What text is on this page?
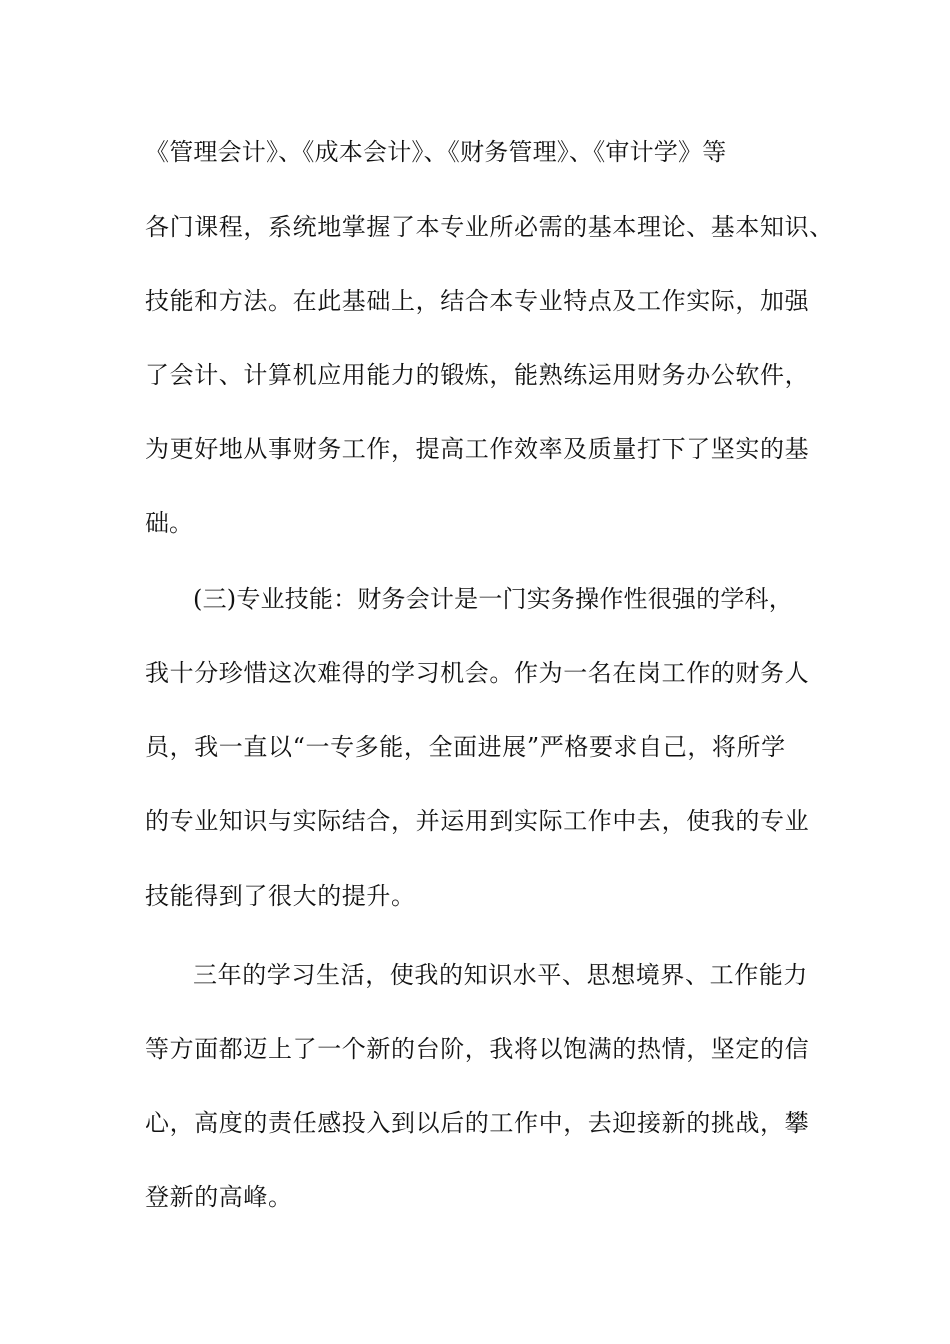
《管理会计》、《成本会计》、《财务管理》、《审计学》等
各门课程，系统地掌握了本专业所必需的基本理论、基本知识、
技能和方法。在此基础上，结合本专业特点及工作实际，加强
了会计、计算机应用能力的锻炼，能熟练运用财务办公软件，
为更好地从事财务工作，提高工作效率及质量打下了坚实的基
础。
(三)专业技能：财务会计是一门实务操作性很强的学科，
我十分珍惜这次难得的学习机会。作为一名在岗工作的财务人
员，我一直以“一专多能，全面进展”严格要求自己，将所学
的专业知识与实际结合，并运用到实际工作中去，使我的专业
技能得到了很大的提升。
三年的学习生活，使我的知识水平、思想境界、工作能力
等方面都迈上了一个新的台阶，我将以饱满的热情，坚定的信
心，高度的责任感投入到以后的工作中，去迎接新的挑战，攀
登新的高峰。
